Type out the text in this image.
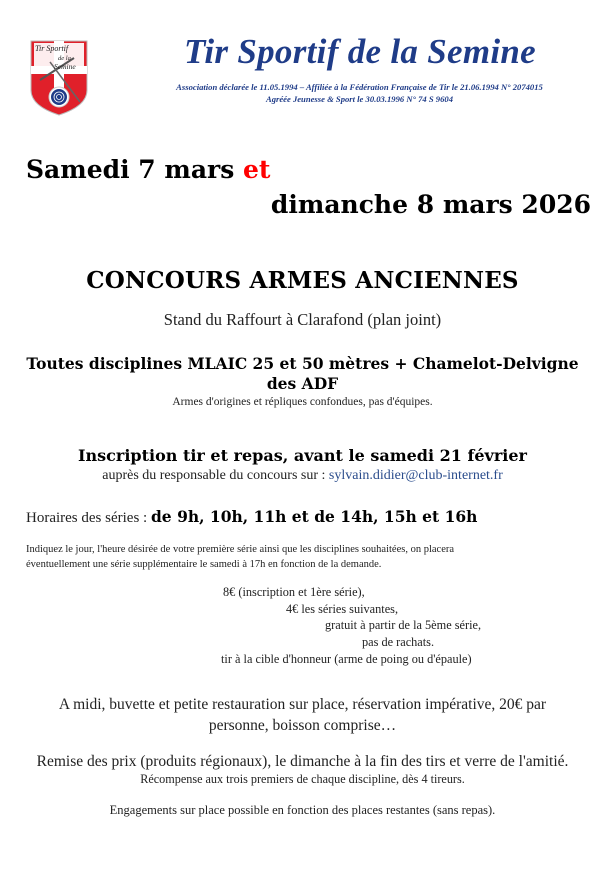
Tir Sportif
de la
Semine	Tir Sportif de la Semine
Association déclarée le 11.05.1994 – Affiliée à la Fédération Française de Tir le 21.06.1994 N° 2074015
Agréée Jeunesse & Sport le 30.03.1996 N° 74 S 9604
Samedi 7 mars et
dimanche 8 mars 2026
CONCOURS ARMES ANCIENNES
Stand du Raffourt à Clarafond (plan joint)
Toutes disciplines MLAIC 25 et 50 mètres + Chamelot-Delvigne
des ADF
Armes d'origines et répliques confondues, pas d'équipes.
Inscription tir et repas, avant le samedi 21 février
auprès du responsable du concours sur : sylvain.didier@club-internet.fr
Horaires des séries : de 9h, 10h, 11h et de 14h, 15h et 16h
Indiquez le jour, l'heure désirée de votre première série ainsi que les disciplines souhaitées, on placera
éventuellement une série supplémentaire le samedi à 17h en fonction de la demande.
8€ (inscription et 1ère série),
4€ les séries suivantes,
gratuit à partir de la 5ème série,
pas de rachats.
tir à la cible d'honneur (arme de poing ou d'épaule)
A midi, buvette et petite restauration sur place, réservation impérative, 20€ par
personne, boisson comprise…
Remise des prix (produits régionaux), le dimanche à la fin des tirs et verre de l'amitié.
Récompense aux trois premiers de chaque discipline, dès 4 tireurs.
Engagements sur place possible en fonction des places restantes (sans repas).
